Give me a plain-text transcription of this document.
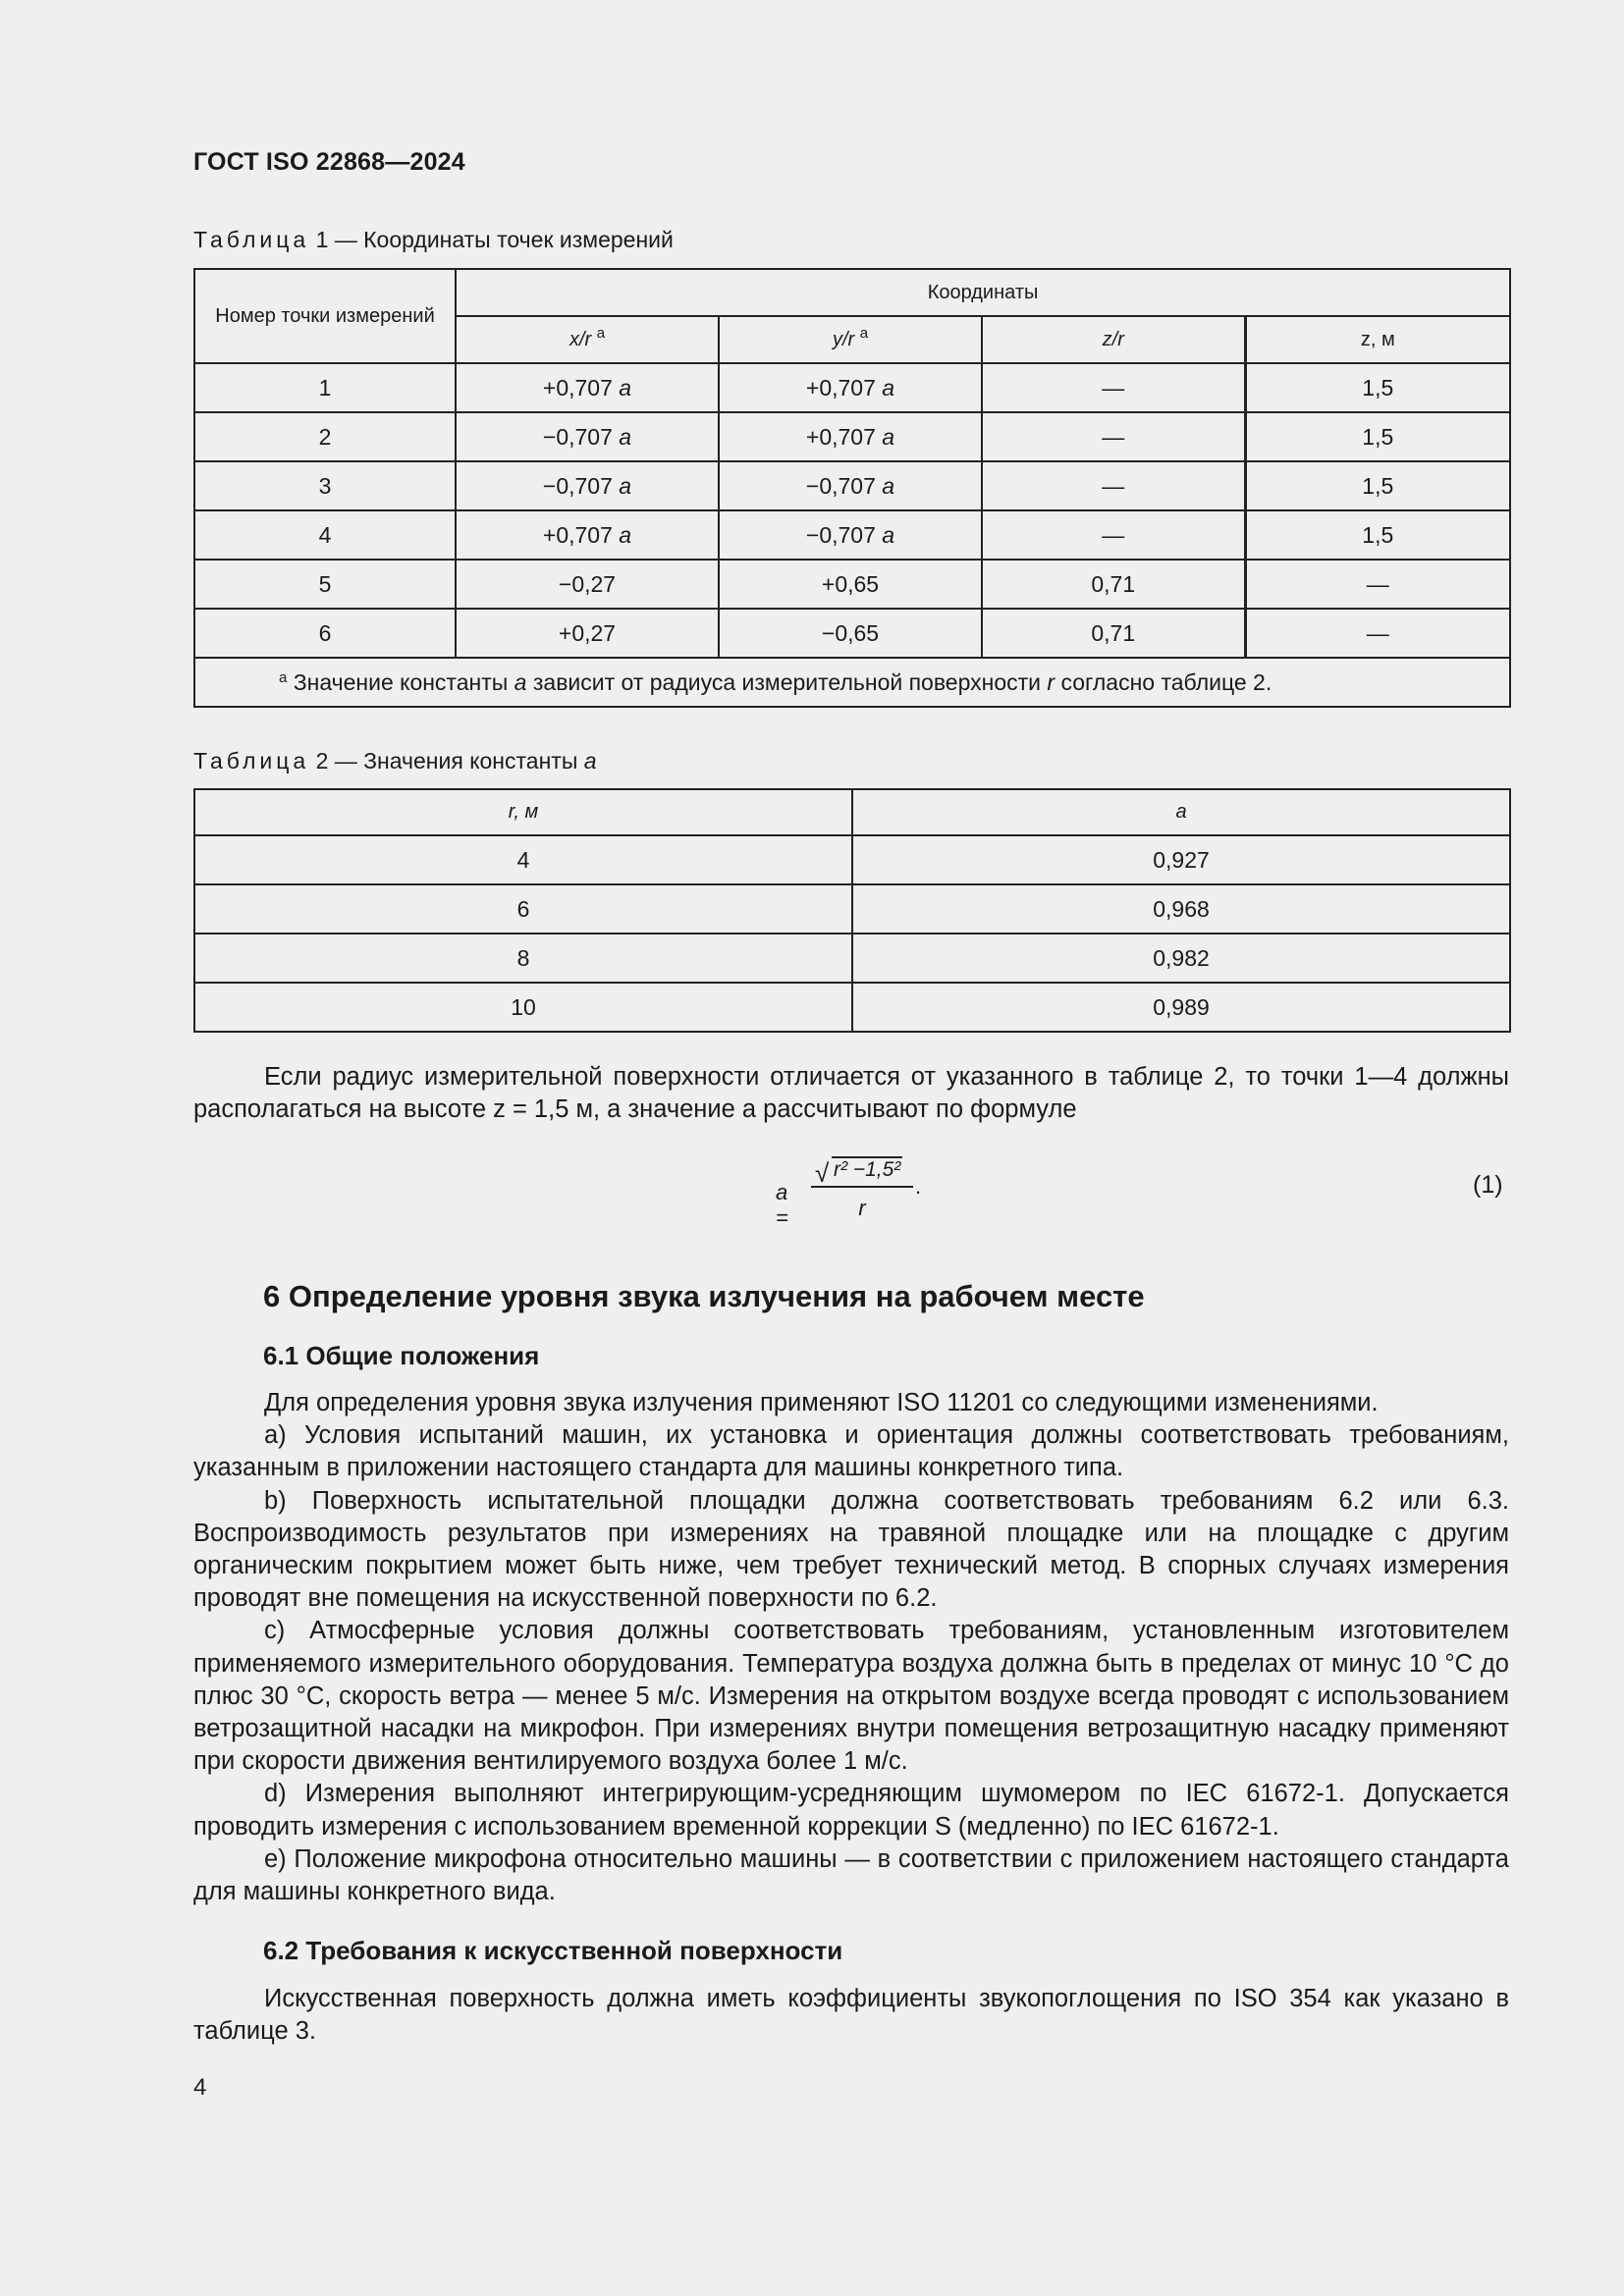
ГОСТ ISO 22868—2024
Таблица 1 — Координаты точек измерений
Номер точки измерений	Координаты			
	x/r $^a$	y/r $^a$	z/r	z, м
1	+0,707 a	+0,707 a	—	1,5
2	−0,707 a	+0,707 a	—	1,5
3	−0,707 a	−0,707 a	—	1,5
4	+0,707 a	−0,707 a	—	1,5
5	−0,27	+0,65	0,71	—
6	+0,27	−0,65	0,71	—
$^a$ Значение константы a зависит от радиуса измерительной поверхности r согласно таблице 2.				
Таблица 2 — Значения константы a
r, м	a
4	0,927
6	0,968
8	0,982
10	0,989

Если радиус измерительной поверхности отличается от указанного в таблице 2, то точки 1—4 должны располагаться на высоте z = 1,5 м, а значение a рассчитывают по формуле

a =
$\frac{\text{√ r² −1,5²}}{r}$
.	(1)
6 Определение уровня звука излучения на рабочем месте
6.1 Общие положения

Для определения уровня звука излучения применяют ISO 11201 со следующими изменениями.

a) Условия испытаний машин, их установка и ориентация должны соответствовать требованиям, указанным в приложении настоящего стандарта для машины конкретного типа.

b) Поверхность испытательной площадки должна соответствовать требованиям 6.2 или 6.3. Воспроизводимость результатов при измерениях на травяной площадке или на площадке с другим органическим покрытием может быть ниже, чем требует технический метод. В спорных случаях измерения проводят вне помещения на искусственной поверхности по 6.2.

c) Атмосферные условия должны соответствовать требованиям, установленным изготовителем применяемого измерительного оборудования. Температура воздуха должна быть в пределах от минус 10 °С до плюс 30 °С, скорость ветра — менее 5 м/с. Измерения на открытом воздухе всегда проводят с использованием ветрозащитной насадки на микрофон. При измерениях внутри помещения ветрозащитную насадку применяют при скорости движения вентилируемого воздуха более 1 м/с.

d) Измерения выполняют интегрирующим-усредняющим шумомером по IEC 61672-1. Допускается проводить измерения с использованием временной коррекции S (медленно) по IEC 61672-1.

e) Положение микрофона относительно машины — в соответствии с приложением настоящего стандарта для машины конкретного вида.

6.2 Требования к искусственной поверхности

Искусственная поверхность должна иметь коэффициенты звукопоглощения по ISO 354 как указано в таблице 3.

4
